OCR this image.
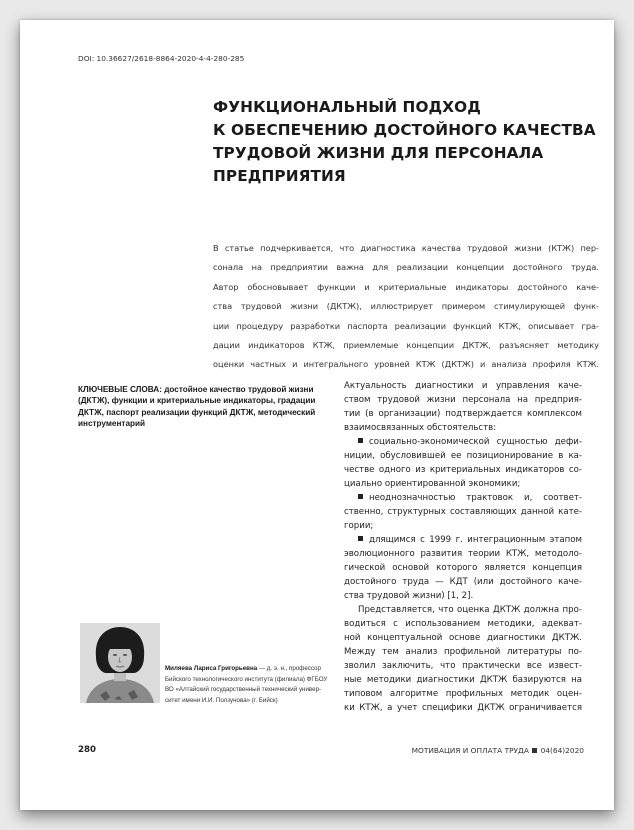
DOI: 10.36627/2618-8864-2020-4-4-280-285
ФУНКЦИОНАЛЬНЫЙ ПОДХОД
К ОБЕСПЕЧЕНИЮ ДОСТОЙНОГО КАЧЕСТВА
ТРУДОВОЙ ЖИЗНИ ДЛЯ ПЕРСОНАЛА
ПРЕДПРИЯТИЯ
В статье подчеркивается, что диагностика качества трудовой жизни (КТЖ) пер-
сонала на предприятии важна для реализации концепции достойного труда.
Автор обосновывает функции и критериальные индикаторы достойного каче-
ства трудовой жизни (ДКТЖ), иллюстрирует примером стимулирующей функ-
ции процедуру разработки паспорта реализации функций КТЖ, описывает гра-
дации индикаторов КТЖ, приемлемые концепции ДКТЖ, разъясняет методику
оценки частных и интегрального уровней КТЖ (ДКТЖ) и анализа профиля КТЖ.
КЛЮЧЕВЫЕ СЛОВА: достойное качество трудовой жизни
(ДКТЖ), функции и критериальные индикаторы, градации
ДКТЖ, паспорт реализации функций ДКТЖ, методический
инструментарий
Актуальность диагностики и управления каче-
ством трудовой жизни персонала на предприя-
тии (в организации) подтверждается комплексом
взаимосвязанных обстоятельств:
социально-экономической сущностью дефи-
ниции, обусловившей ее позиционирование в ка-
честве одного из критериальных индикаторов со-
циально ориентированной экономики;
неоднозначностью трактовок и, соответ-
ственно, структурных составляющих данной кате-
гории;
длящимся с 1999 г. интеграционным этапом
эволюционного развития теории КТЖ, методоло-
гической основой которого является концепция
достойного труда — КДТ (или достойного каче-
ства трудовой жизни) [1, 2].
Представляется, что оценка ДКТЖ должна про-
водиться с использованием методики, адекват-
ной концептуальной основе диагностики ДКТЖ.
Между тем анализ профильной литературы по-
зволил заключить, что практически все извест-
ные методики диагностики ДКТЖ базируются на
типовом алгоритме профильных методик оцен-
ки КТЖ, а учет специфики ДКТЖ ограничивается
Миляева Лариса Григорьевна — д. э. н., профессор
Бийского технологического института (филиала) ФГБОУ
ВО «Алтайский государственный технический универ-
ситет имени И.И. Ползунова» (г. Бийск)
280	МОТИВАЦИЯ И ОПЛАТА ТРУДА 04(64)2020
